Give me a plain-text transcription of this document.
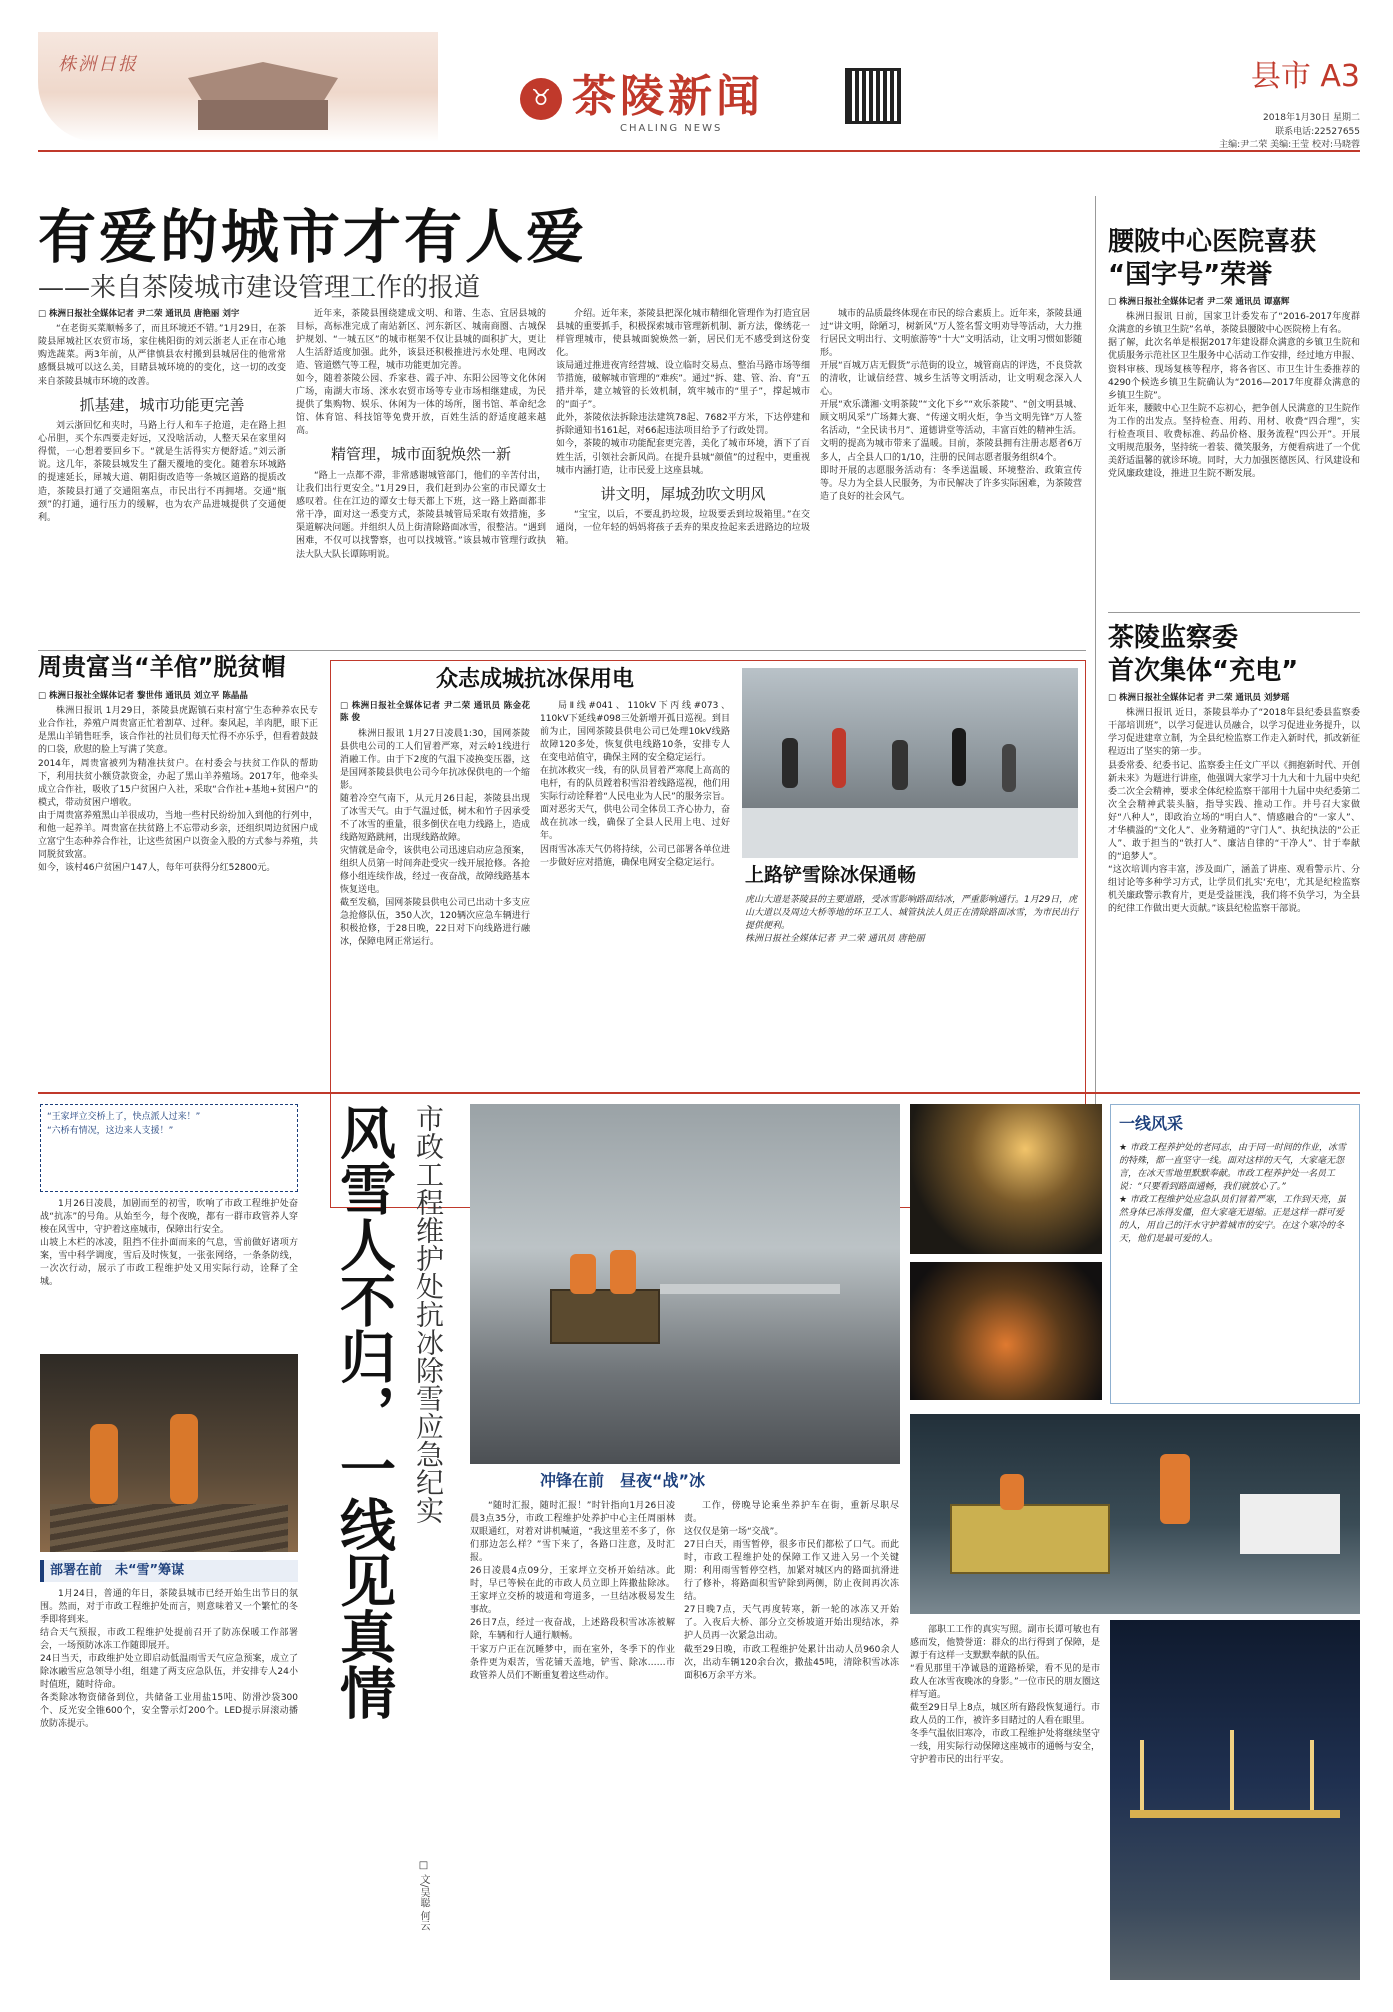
株洲日报
♉ 茶陵新闻
CHALING NEWS
县市 A3
2018年1月30日 星期二
联系电话:22527655
主编:尹二荣 美编:王莹 校对:马晓蓉
有爱的城市才有人爱
——来自茶陵城市建设管理工作的报道
□ 株洲日报社全媒体记者 尹二荣 通讯员 唐艳丽 刘宇

“在老街买菜顺畅多了，而且环境还不错。”1月29日，在茶陵县犀城社区农贸市场，家住桃阳街的刘云浙老人正在市心地购选蔬菜。两3年前，从严律慎县农村搬到县城居住的他常常感慨县城可以这么美，目睹县城环境的的变化，这一切的改变来自茶陵县城市环境的改善。

抓基建，城市功能更完善

刘云浙回忆和夹时，马路上行人和车子抢道，走在路上担心吊胆，买个东西要走好远，又没啥活动，人整天呆在家里闷得慌，一心想着要回乡下。“就是生活得实方便舒适。”刘云浙说。这几年，茶陵县城发生了翻天覆地的变化。随着东环城路的提速延长，犀城大道、朝阳街改造等一条城区道路的提质改造，茶陵县打通了交通阻塞点，市民出行不再拥堵。交通“瓶颈”的打通，通行压力的缓解，也为农产品进城提供了交通便利。

近年来，茶陵县围绕建成文明、和谐、生态、宜居县城的目标，高标准完成了南站新区、河东新区、城南商圈、古城保护规划、“一城五区”的城市框架不仅让县城的面积扩大，更让人生活舒适度加强。此外，该县还积极推进污水处理、电网改造、管道燃气等工程，城市功能更加完善。
如今，随着茶陵公园、乔家巷、霞子冲、东阳公园等文化休闲广场，南湖大市场、洣水农贸市场等专业市场相继建成，为民提供了集购物、娱乐、休闲为一体的场所，图书馆、革命纪念馆、体育馆、科技馆等免费开放，百姓生活的舒适度越来越高。

精管理，城市面貌焕然一新

“路上一点都不滞，非常感谢城管部门，他们的辛苦付出，让我们出行更安全。”1月29日，我们赶到办公室的市民谭女士感叹着。住在江边的谭女士每天都上下班，这一路上路面都非常干净，面对这一悉变方式，茶陵县城管局采取有效措施，多渠道解决问题。并组织人员上街清除路面冰雪，很整洁。“遇到困难，不仅可以找警察，也可以找城管。”该县城市管理行政执法大队大队长谭陈明说。

介绍。近年来，茶陵县把深化城市精细化管理作为打造宜居县城的重要抓手，积极探索城市管理新机制、新方法，像绣花一样管理城市，使县城面貌焕然一新，居民们无不感受到这份变化。
该局通过推进夜宵经营城、设立临时交易点、整治马路市场等细节措施，破解城市管理的“难疾”。通过“拆、建、管、治、育”五措并举，建立城管的长效机制，筑牢城市的“里子”，撑起城市的“面子”。
此外，茶陵依法拆除违法建筑78起、7682平方米，下达停建和拆除通知书161起，对66起违法项目给予了行政处罚。
如今，茶陵的城市功能配套更完善，美化了城市环境，洒下了百姓生活，引领社会新风尚。在提升县城“颜值”的过程中，更重视城市内涵打造，让市民爱上这座县城。

讲文明，犀城劲吹文明风

“宝宝，以后，不要乱扔垃圾，垃圾要丢到垃圾箱里。”在交通岗，一位年轻的妈妈将孩子丢弃的果皮捡起来丢进路边的垃圾箱。

城市的品质最终体现在市民的综合素质上。近年来，茶陵县通过“讲文明，除陋习，树新风”万人签名誓文明劝导等活动，大力推行居民文明出行、文明旅游等“十大”文明活动，让文明习惯如影随形。
开展“百城万店无假货”示范街的设立，城管商店的评选，不良贷款的清收，让诚信经营、城乡生活等文明活动，让文明观念深入人心。
开展“欢乐潇湘·文明茶陵”“文化下乡”“欢乐茶陵”、“创文明县城、顾文明风采”广场舞大赛、“传递文明火炬，争当文明先锋”万人签名活动，“全民读书月”、道德讲堂等活动，丰富百姓的精神生活。
文明的提高为城市带来了温暖。目前，茶陵县拥有注册志愿者6万多人，占全县人口的1/10，注册的民间志愿者服务组织4个。
即时开展的志愿服务活动有：冬季送温暖、环境整治、政策宣传等。尽力为全县人民服务，为市民解决了许多实际困难，为茶陵营造了良好的社会风气。

腰陂中心医院喜获
“国字号”荣誉
□ 株洲日报社全媒体记者 尹二荣 通讯员 谭嘉辉

株洲日报讯 日前，国家卫计委发布了“2016-2017年度群众满意的乡镇卫生院”名单，茶陵县腰陂中心医院榜上有名。
据了解，此次名单是根据2017年建设群众满意的乡镇卫生院和优质服务示范社区卫生服务中心活动工作安排，经过地方申报、资料审核、现场复核等程序，将各省区、市卫生计生委推荐的4290个候选乡镇卫生院确认为“2016—2017年度群众满意的乡镇卫生院”。
近年来，腰陂中心卫生院不忘初心，把争创人民满意的卫生院作为工作的出发点。坚持检查、用药、用材、收费“四合理”，实行检查项目、收费标准、药品价格、服务流程“四公开”。开展文明规范服务，坚持统一着装、微笑服务，方便看病进了一个优美舒适温馨的就诊环境。同时，大力加强医德医风、行风建设和党风廉政建设，推进卫生院不断发展。

茶陵监察委
首次集体“充电”
□ 株洲日报社全媒体记者 尹二荣 通讯员 刘梦瑶

株洲日报讯 近日，茶陵县举办了“2018年县纪委县监察委干部培训班”，以学习促进认员融合，以学习促进业务提升，以学习促进建章立制，为全县纪检监察工作走入新时代，抓改新征程迈出了坚实的第一步。
县委常委、纪委书记、监察委主任文广平以《拥抱新时代、开创新未来》为题进行讲座，他强调大家学习十九大和十九届中央纪委二次全会精神，要求全体纪检监察干部用十九届中央纪委第二次全会精神武装头脑，指导实践、推动工作。并号召大家做好“八种人”，即政治立场的“明白人”、情感融合的“一家人”、才华横溢的“文化人”、业务精通的“守门人”、执纪执法的“公正人”、敢于担当的“铁打人”、廉洁自律的“干净人”、甘于奉献的“追梦人”。
“这次培训内容丰富，涉及面广，涵盖了讲座、观看警示片、分组讨论等多种学习方式，让学员们扎实‘充电’，尤其是纪检监察机关廉政警示教育片，更是受益匪浅，我们将不负学习，为全县的纪律工作做出更大贡献。”该县纪检监察干部说。

周贵富当“羊倌”脱贫帽
□ 株洲日报社全媒体记者 黎世伟 通讯员 刘立平 陈晶晶

株洲日报讯 1月29日，茶陵县虎踞镇石束村富宁生态种养农民专业合作社，养殖户周贵富正忙着割草、过秤。秦风起，羊肉肥，眼下正是黑山羊销售旺季，该合作社的社员们每天忙得不亦乐乎，但看着鼓鼓的口袋，欣慰的脸上写满了笑意。
2014年，周贵富被列为精准扶贫户。在村委会与扶贫工作队的帮助下，利用扶贫小额贷款资金，办起了黑山羊养殖场。2017年，他牵头成立合作社，吸收了15户贫困户入社，采取“合作社+基地+贫困户”的模式，带动贫困户增收。
由于周贵富养殖黑山羊很成功，当地一些村民纷纷加入到他的行列中，和他一起养羊。周贵富在扶贫路上不忘带动乡亲，还组织周边贫困户成立富宁生态种养合作社，让这些贫困户以资金入股的方式参与养殖，共同脱贫致富。
如今，该村46户贫困户147人，每年可获得分红52800元。

众志成城抗冰保用电
□ 株洲日报社全媒体记者 尹二荣 通讯员 陈金花 陈 俊

株洲日报讯 1月27日凌晨1:30，国网茶陵县供电公司的工人们冒着严寒，对云岭1线进行消融工作。由于下2度的气温下凌换变压器，这是国网茶陵县供电公司今年抗冰保供电的一个缩影。
随着冷空气南下，从元月26日起，茶陵县出现了冰雪天气。由于气温过低，树木和竹子因承受不了冰雪的重量，很多倒伏在电力线路上，造成线路短路跳闸，出现线路故障。
灾情就是命令，该供电公司迅速启动应急预案，组织人员第一时间奔赴受灾一线开展抢修。各抢修小组连续作战，经过一夜奋战，故障线路基本恢复送电。
截至发稿，国网茶陵县供电公司已出动十多支应急抢修队伍，350人次，120辆次应急车辆进行积极抢修，于28日晚，22日对下向线路进行融冰，保障电网正常运行。

局Ⅱ线#041、110kV下丙线#073、110kV下延线#098三处新增开孤日巡视。到目前为止，国网茶陵县供电公司已处理10kV线路故障120多处，恢复供电线路10条，安排专人在变电站值守，确保主网的安全稳定运行。
在抗冰救灾一线，有的队员冒着严寒爬上高高的电杆，有的队员蹚着积雪沿着线路巡视，他们用实际行动诠释着“人民电业为人民”的服务宗旨。面对恶劣天气，供电公司全体员工齐心协力，奋战在抗冰一线，确保了全县人民用上电、过好年。
因雨雪冰冻天气仍将持续，公司已部署各单位进一步做好应对措施，确保电网安全稳定运行。

上路铲雪除冰保通畅
虎山大道是茶陵县的主要道路，受冰雪影响路面结冰，严重影响通行。1月29日，虎山大道以及周边大桥等地的环卫工人、城管执法人员正在清除路面冰雪，为市民出行提供便利。
株洲日报社全媒体记者 尹二荣 通讯员 唐艳丽
“王家坪立交桥上了，快点派人过来！”
“六桥有情况，这边来人支援！”

1月26日凌晨，加剧而至的初雪，吹响了市政工程维护处奋战“抗冻”的号角。从始至今，每个夜晚，都有一群市政管养人穿梭在风雪中，守护着这座城市，保障出行安全。
山坡上木栏的冰凌，阻挡不住扑面而来的气息，雪前做好诸项方案，雪中科学调度，雪后及时恢复，一张张网络，一条条防线，一次次行动，展示了市政工程维护处又用实际行动，诠释了全城。

部署在前　未“雪”筹谋

1月24日，普通的年日，茶陵县城市已经开始生出节日的氛围。然而，对于市政工程维护处而言，则意味着又一个繁忙的冬季即将到来。
结合天气预报，市政工程维护处提前召开了防冻保暖工作部署会，一场预防冰冻工作随即展开。
24日当天，市政维护处立即启动低温雨雪天气应急预案，成立了除冰融雪应急领导小组，组建了两支应急队伍，并安排专人24小时值班，随时待命。
各类除冰物资储备到位，共储备工业用盐15吨、防滑沙袋300个、反光安全锥600个，安全警示灯200个。LED提示屏滚动播放防冻提示。

风雪人不归，一线见真情 市政工程维护处抗冰除雪应急纪实
□ 文/吴聪 何云
冲锋在前　昼夜“战”冰

“随时汇报，随时汇报！”时针指向1月26日凌晨3点35分，市政工程维护处养护中心主任周丽林双眼通红，对着对讲机喊道，“我这里差不多了，你们那边怎么样？”雪下来了，各路口注意，及时汇报。
26日凌晨4点09分，王家坪立交桥开始结冰。此时，早已等候在此的市政人员立即上阵撒盐除冰。王家坪立交桥的坡道和弯道多，一旦结冰极易发生事故。
26日7点，经过一夜奋战，上述路段积雪冰冻被解除，车辆和行人通行顺畅。
干家万户正在沉睡梦中，而在室外，冬季下的作业条件更为艰苦，雪花铺天盖地，铲雪、除冰……市政管养人员们不断重复着这些动作。

工作，傍晚导论乘坐养护车在街，重新尽职尽责。
这仅仅是第一场“交战”。
27日白天，雨雪暂停，很多市民们都松了口气。而此时，市政工程维护处的保障工作又进入另一个关键期：利用雨雪暂停空档，加紧对城区内的路面抗滑进行了修补，将路面积雪铲除到两侧，防止夜间再次冻结。
27日晚7点，天气再度转寒，新一轮的冰冻又开始了。入夜后大桥、部分立交桥坡道开始出现结冰，养护人员再一次紧急出动。
截至29日晚，市政工程维护处累计出动人员960余人次，出动车辆120余台次，撒盐45吨，清除积雪冰冻面积6万余平方米。

一线风采
★ 市政工程养护处的老同志，由于同一时间的作业，冰雪的特殊，都一直坚守一线。面对这样的天气，大家毫无怨言，在冰天雪地里默默奉献。市政工程养护处一名员工说：“只要看到路面通畅，我们就放心了。”
★ 市政工程维护处应急队员们冒着严寒，工作到天亮，虽然身体已冻得发僵，但大家毫无退缩。正是这样一群可爱的人，用自己的汗水守护着城市的安宁。在这个寒冷的冬天，他们是最可爱的人。

部职工工作的真实写照。副市长谭可敏也有感而发，他赞誉道：群众的出行得到了保障，是源于有这样一支默默奉献的队伍。
“看见那里干净诚恳的道路桥梁，看不见的是市政人在冰雪夜晚冰的身影。”一位市民的朋友圈这样写道。
截至29日早上8点，城区所有路段恢复通行。市政人员的工作，被许多目睹过的人看在眼里。
冬季气温依旧寒冷，市政工程维护处将继续坚守一线，用实际行动保障这座城市的通畅与安全，守护着市民的出行平安。
